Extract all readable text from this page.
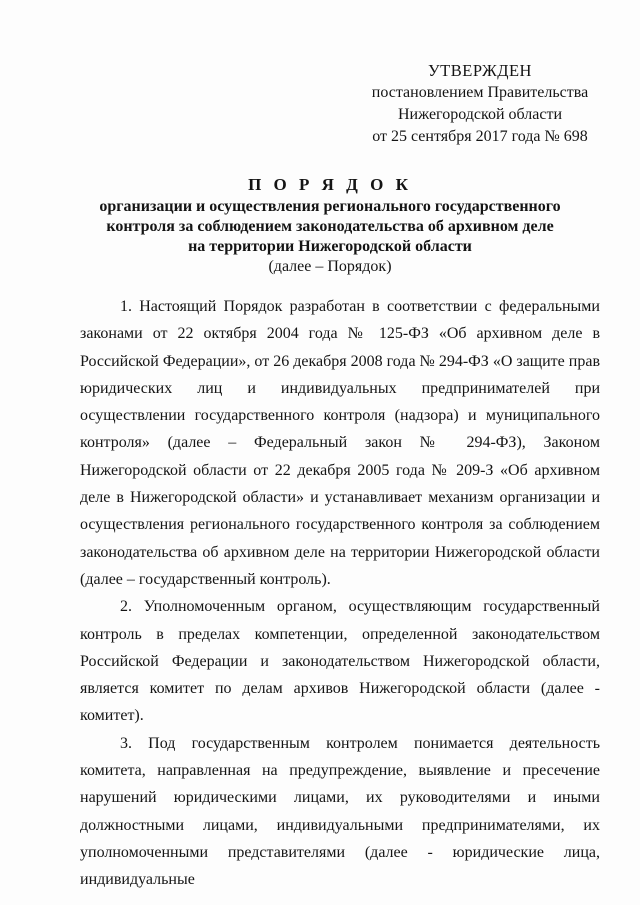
УТВЕРЖДЕН
постановлением Правительства
Нижегородской области
от 25 сентября 2017 года № 698
П О Р Я Д О К
организации и осуществления регионального государственного
контроля за соблюдением законодательства об архивном деле
на территории Нижегородской области
(далее – Порядок)

1. Настоящий Порядок разработан в соответствии с федеральными законами от 22 октября 2004 года № 125-ФЗ «Об архивном деле в Российской Федерации», от 26 декабря 2008 года № 294-ФЗ «О защите прав юридических лиц и индивидуальных предпринимателей при осуществлении государственного контроля (надзора) и муниципального контроля» (далее – Федеральный закон № 294-ФЗ), Законом Нижегородской области от 22 декабря 2005 года № 209-З «Об архивном деле в Нижегородской области» и устанавливает механизм организации и осуществления регионального государственного контроля за соблюдением законодательства об архивном деле на территории Нижегородской области (далее – государственный контроль).

2. Уполномоченным органом, осуществляющим государственный контроль в пределах компетенции, определенной законодательством Российской Федерации и законодательством Нижегородской области, является комитет по делам архивов Нижегородской области (далее - комитет).

3. Под государственным контролем понимается деятельность комитета, направленная на предупреждение, выявление и пресечение нарушений юридическими лицами, их руководителями и иными должностными лицами, индивидуальными предпринимателями, их уполномоченными представителями (далее - юридические лица, индивидуальные
